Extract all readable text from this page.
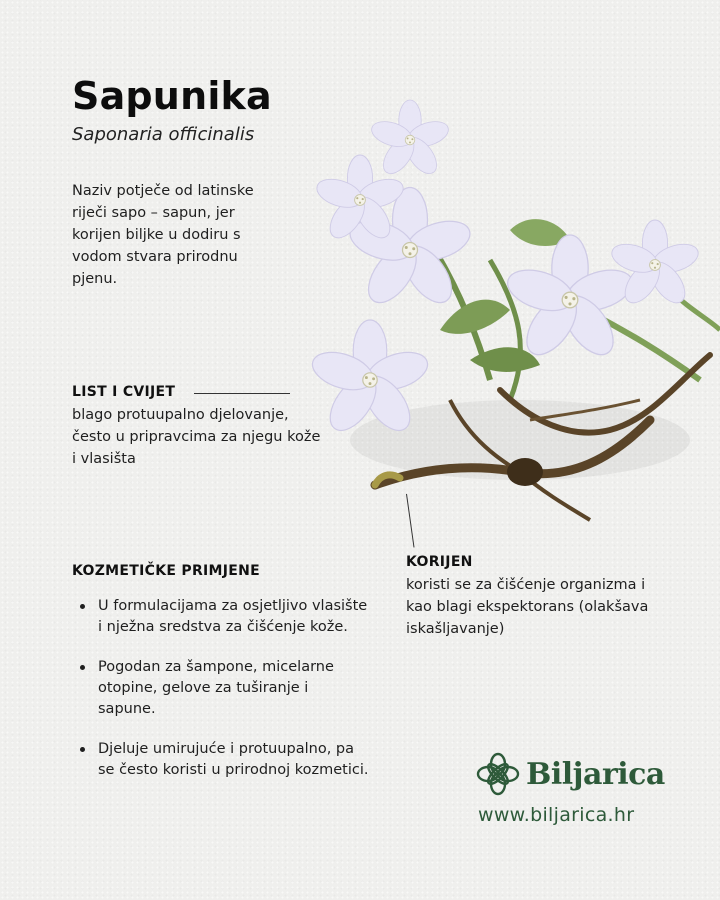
Sapunika
Saponaria officinalis
Naziv potječe od latinske riječi sapo – sapun, jer korijen biljke u dodiru s vodom stvara prirodnu pjenu.
LIST I CVIJET
blago protuupalno djelovanje, često u pripravcima za njegu kože i vlasišta
KORIJEN
koristi se za čišćenje organizma i kao blagi ekspektorans (olakšava iskašljavanje)
KOZMETIČKE PRIMJENE
U formulacijama za osjetljivo vlasište i nježna sredstva za čišćenje kože.
Pogodan za šampone, micelarne otopine, gelove za tuširanje i sapune.
Djeluje umirujuće i protuupalno, pa se često koristi u prirodnoj kozmetici.	Biljarica
www.biljarica.hr
